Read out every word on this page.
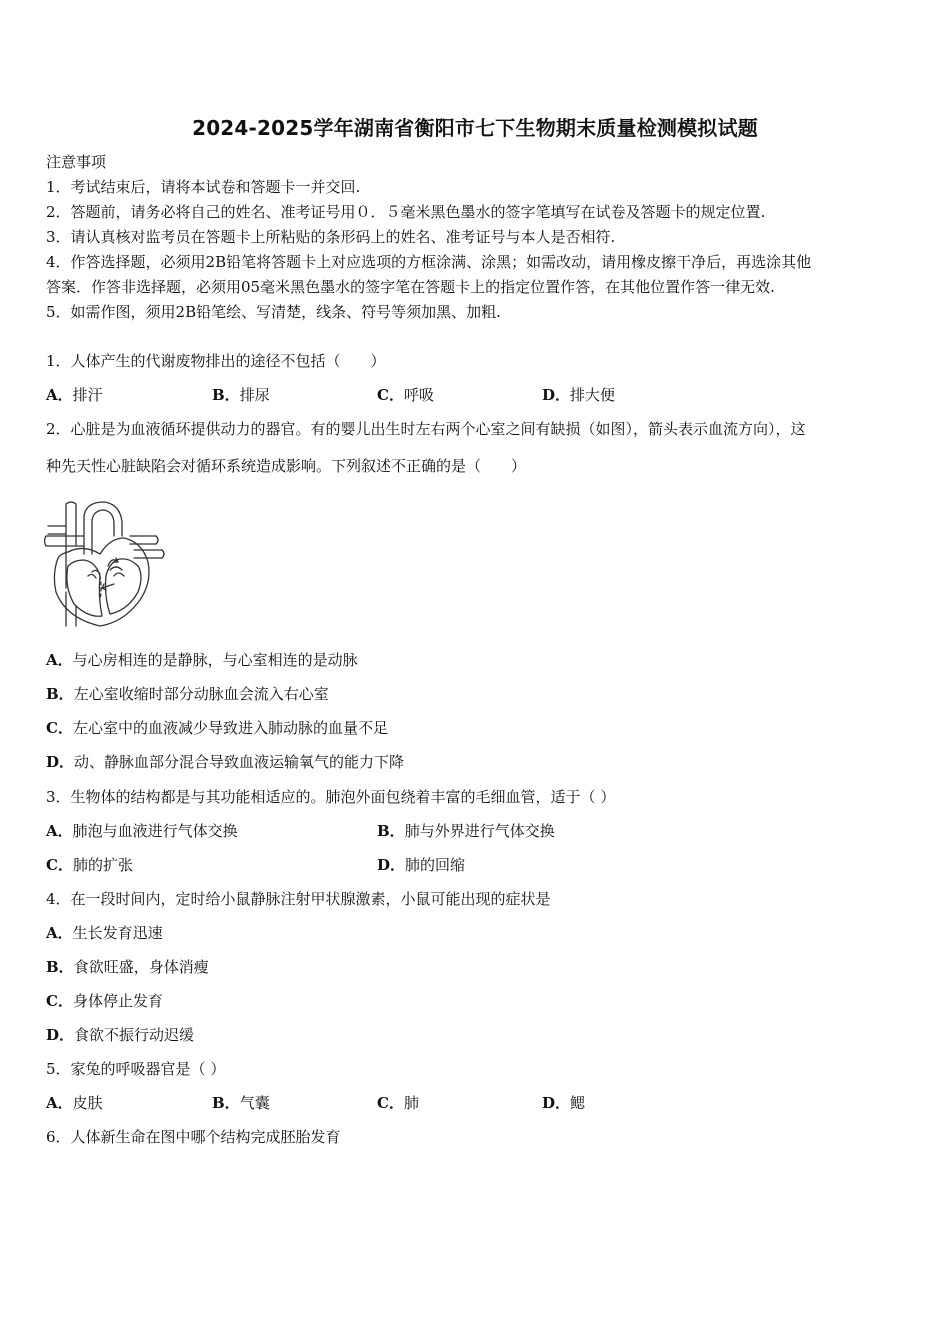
2024-2025学年湖南省衡阳市七下生物期末质量检测模拟试题
注意事项
1．考试结束后，请将本试卷和答题卡一并交回.
2．答题前，请务必将自己的姓名、准考证号用０．５毫米黑色墨水的签字笔填写在试卷及答题卡的规定位置.
3．请认真核对监考员在答题卡上所粘贴的条形码上的姓名、准考证号与本人是否相符.
4．作答选择题，必须用2B铅笔将答题卡上对应选项的方框涂满、涂黑；如需改动，请用橡皮擦干净后，再选涂其他
答案．作答非选择题，必须用05毫米黑色墨水的签字笔在答题卡上的指定位置作答，在其他位置作答一律无效.
5．如需作图，须用2B铅笔绘、写清楚，线条、符号等须加黑、加粗.
1．人体产生的代谢废物排出的途径不包括（　　）
A．排汗	B．排尿	C．呼吸	D．排大便
2．心脏是为血液循环提供动力的器官。有的婴儿出生时左右两个心室之间有缺损（如图），箭头表示血流方向），这
种先天性心脏缺陷会对循环系统造成影响。下列叙述不正确的是（　　）
A．与心房相连的是静脉，与心室相连的是动脉
B．左心室收缩时部分动脉血会流入右心室
C．左心室中的血液减少导致进入肺动脉的血量不足
D．动、静脉血部分混合导致血液运输氧气的能力下降
3．生物体的结构都是与其功能相适应的。肺泡外面包绕着丰富的毛细血管，适于（ ）
A．肺泡与血液进行气体交换	B．肺与外界进行气体交换
C．肺的扩张	D．肺的回缩
4．在一段时间内，定时给小鼠静脉注射甲状腺激素，小鼠可能出现的症状是
A．生长发育迅速
B．食欲旺盛，身体消瘦
C．身体停止发育
D．食欲不振行动迟缓
5．家兔的呼吸器官是（ ）
A．皮肤	B．气囊	C．肺	D．鳃
6．人体新生命在图中哪个结构完成胚胎发育
